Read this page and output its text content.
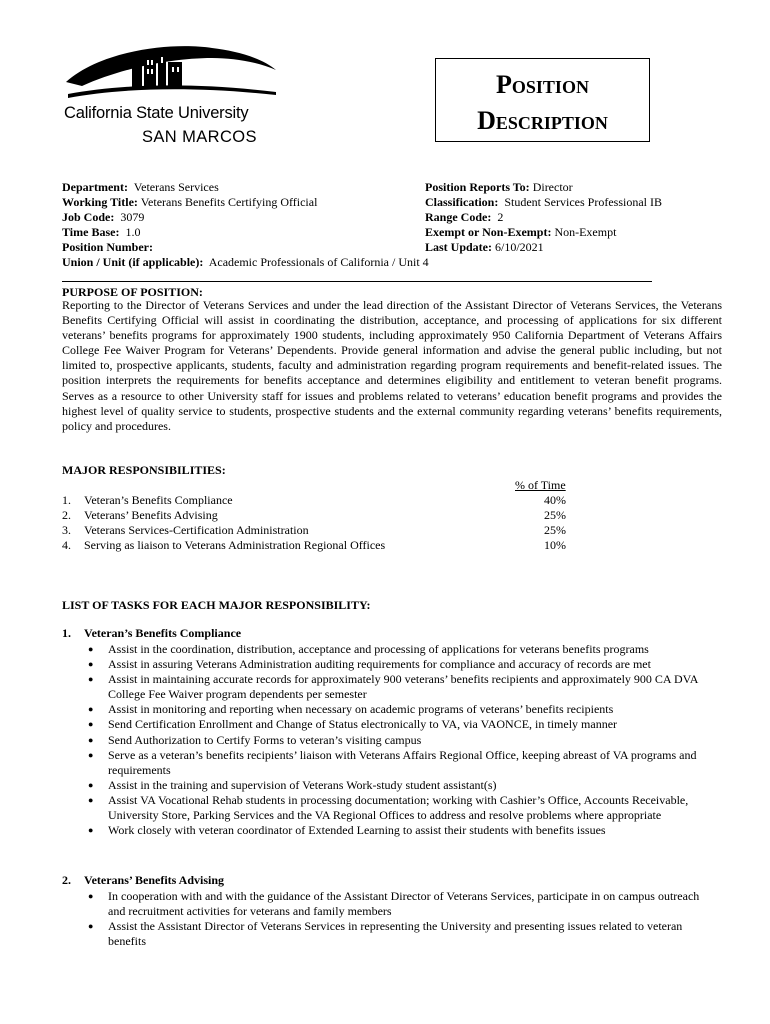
California State University
SAN MARCOS
Position
Description
Department: Veterans Services
Working Title: Veterans Benefits Certifying Official
Job Code: 3079
Time Base: 1.0
Position Number:
Union / Unit (if applicable): Academic Professionals of California / Unit 4
Position Reports To: Director
Classification: Student Services Professional IB
Range Code: 2
Exempt or Non-Exempt: Non-Exempt
Last Update: 6/10/2021
PURPOSE OF POSITION:
Reporting to the Director of Veterans Services and under the lead direction of the Assistant Director of Veterans Services, the Veterans Benefits Certifying Official will assist in coordinating the distribution, acceptance, and processing of applications for six different veterans’ benefits programs for approximately 1900 students, including approximately 950 California Department of Veterans Affairs College Fee Waiver Program for Veterans’ Dependents. Provide general information and advise the general public including, but not limited to, prospective applicants, students, faculty and administration regarding program requirements and benefit-related issues. The position interprets the requirements for benefits acceptance and determines eligibility and entitlement to veteran benefit programs. Serves as a resource to other University staff for issues and problems related to veterans’ education benefit programs and provides the highest level of quality service to students, prospective students and the external community regarding veterans’ benefits requirements, policy and procedures.
MAJOR RESPONSIBILITIES:
% of Time
1. Veteran’s Benefits Compliance	40%
2. Veterans’ Benefits Advising	25%
3. Veterans Services-Certification Administration	25%
4. Serving as liaison to Veterans Administration Regional Offices	10%
LIST OF TASKS FOR EACH MAJOR RESPONSIBILITY:
1. Veteran’s Benefits Compliance
● Assist in the coordination, distribution, acceptance and processing of applications for veterans benefits programs
● Assist in assuring Veterans Administration auditing requirements for compliance and accuracy of records are met
● Assist in maintaining accurate records for approximately 900 veterans’ benefits recipients and approximately 900 CA DVA College Fee Waiver program dependents per semester
● Assist in monitoring and reporting when necessary on academic programs of veterans’ benefits recipients
● Send Certification Enrollment and Change of Status electronically to VA, via VAONCE, in timely manner
● Send Authorization to Certify Forms to veteran’s visiting campus
● Serve as a veteran’s benefits recipients’ liaison with Veterans Affairs Regional Office, keeping abreast of VA programs and requirements
● Assist in the training and supervision of Veterans Work-study student assistant(s)
● Assist VA Vocational Rehab students in processing documentation; working with Cashier’s Office, Accounts Receivable, University Store, Parking Services and the VA Regional Offices to address and resolve problems where appropriate
● Work closely with veteran coordinator of Extended Learning to assist their students with benefits issues
2. Veterans’ Benefits Advising
● In cooperation with and with the guidance of the Assistant Director of Veterans Services, participate in on campus outreach and recruitment activities for veterans and family members
● Assist the Assistant Director of Veterans Services in representing the University and presenting issues related to veteran benefits
